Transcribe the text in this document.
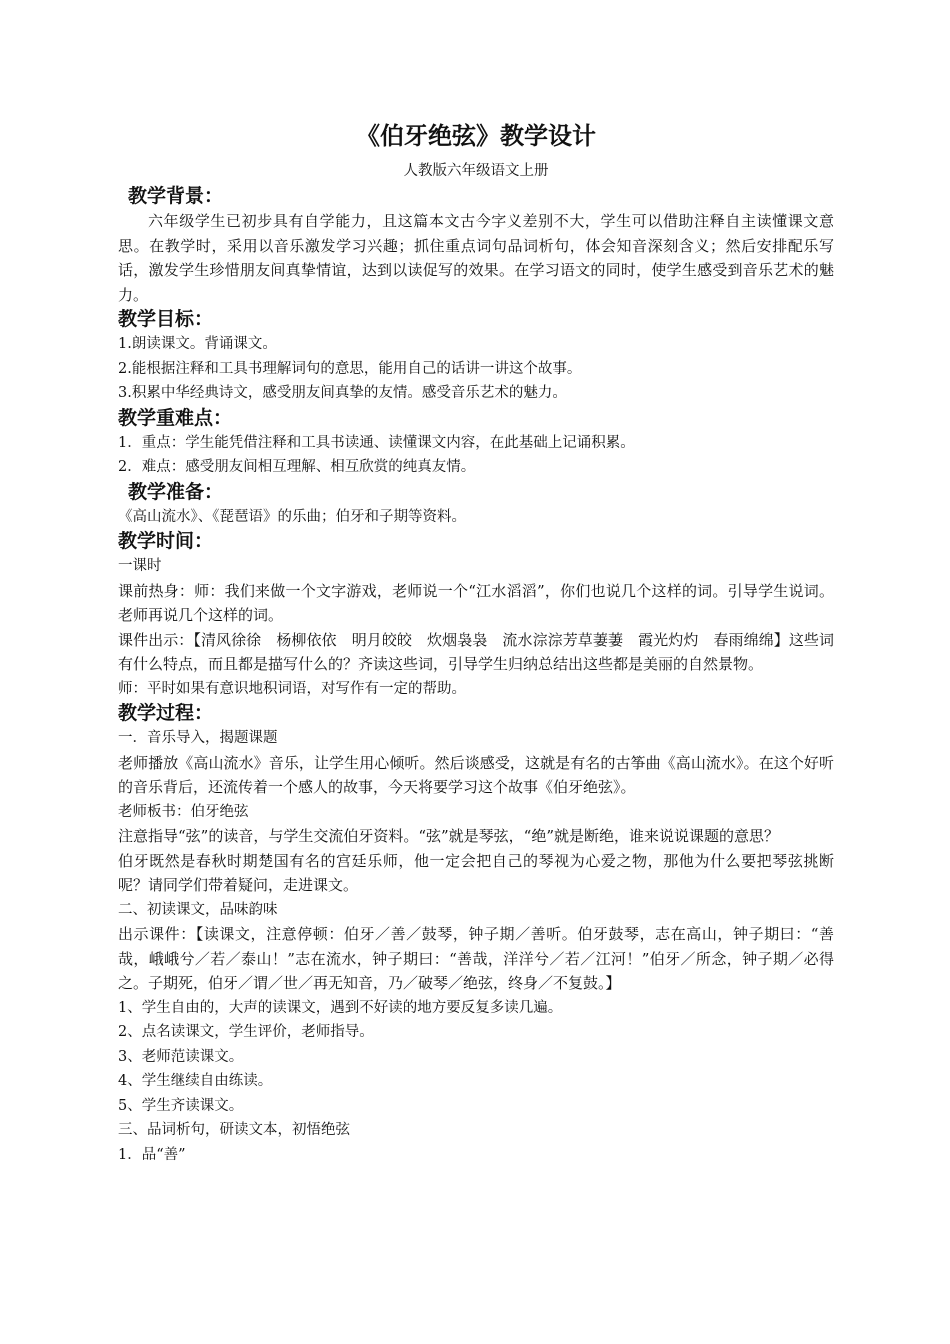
《伯牙绝弦》教学设计

人教版六年级语文上册

教学背景：

六年级学生已初步具有自学能力，且这篇本文古今字义差别不大，学生可以借助注释自主读懂课文意思。在教学时，采用以音乐激发学习兴趣；抓住重点词句品词析句，体会知音深刻含义；然后安排配乐写话，激发学生珍惜朋友间真挚情谊，达到以读促写的效果。在学习语文的同时，使学生感受到音乐艺术的魅力。

教学目标：

1.朗读课文。背诵课文。

2.能根据注释和工具书理解词句的意思，能用自己的话讲一讲这个故事。

3.积累中华经典诗文，感受朋友间真挚的友情。感受音乐艺术的魅力。

教学重难点：

1．重点：学生能凭借注释和工具书读通、读懂课文内容，在此基础上记诵积累。

2．难点：感受朋友间相互理解、相互欣赏的纯真友情。

教学准备：

《高山流水》、《琵琶语》的乐曲；伯牙和子期等资料。

教学时间：

一课时

课前热身：师：我们来做一个文字游戏，老师说一个“江水滔滔”，你们也说几个这样的词。引导学生说词。老师再说几个这样的词。

课件出示：【清风徐徐　杨柳依依　明月皎皎　炊烟袅袅　流水淙淙芳草萋萋　霞光灼灼　春雨绵绵】这些词有什么特点，而且都是描写什么的？齐读这些词，引导学生归纳总结出这些都是美丽的自然景物。

师：平时如果有意识地积词语，对写作有一定的帮助。

教学过程：

一．音乐导入，揭题课题

老师播放《高山流水》音乐，让学生用心倾听。然后谈感受，这就是有名的古筝曲《高山流水》。在这个好听的音乐背后，还流传着一个感人的故事，今天将要学习这个故事《伯牙绝弦》。

老师板书：伯牙绝弦

注意指导“弦”的读音，与学生交流伯牙资料。“弦”就是琴弦，“绝”就是断绝，谁来说说课题的意思？

伯牙既然是春秋时期楚国有名的宫廷乐师，他一定会把自己的琴视为心爱之物，那他为什么要把琴弦挑断呢？请同学们带着疑问，走进课文。

二、初读课文，品味韵味

出示课件：【读课文，注意停顿：伯牙／善／鼓琴，钟子期／善听。伯牙鼓琴，志在高山，钟子期曰：“善哉，峨峨兮／若／泰山！”志在流水，钟子期曰：“善哉，洋洋兮／若／江河！”伯牙／所念，钟子期／必得之。子期死，伯牙／谓／世／再无知音，乃／破琴／绝弦，终身／不复鼓。】

1、学生自由的，大声的读课文，遇到不好读的地方要反复多读几遍。

2、点名读课文，学生评价，老师指导。

3、老师范读课文。

4、学生继续自由练读。

5、学生齐读课文。

三、品词析句，研读文本，初悟绝弦

1．品“善”
